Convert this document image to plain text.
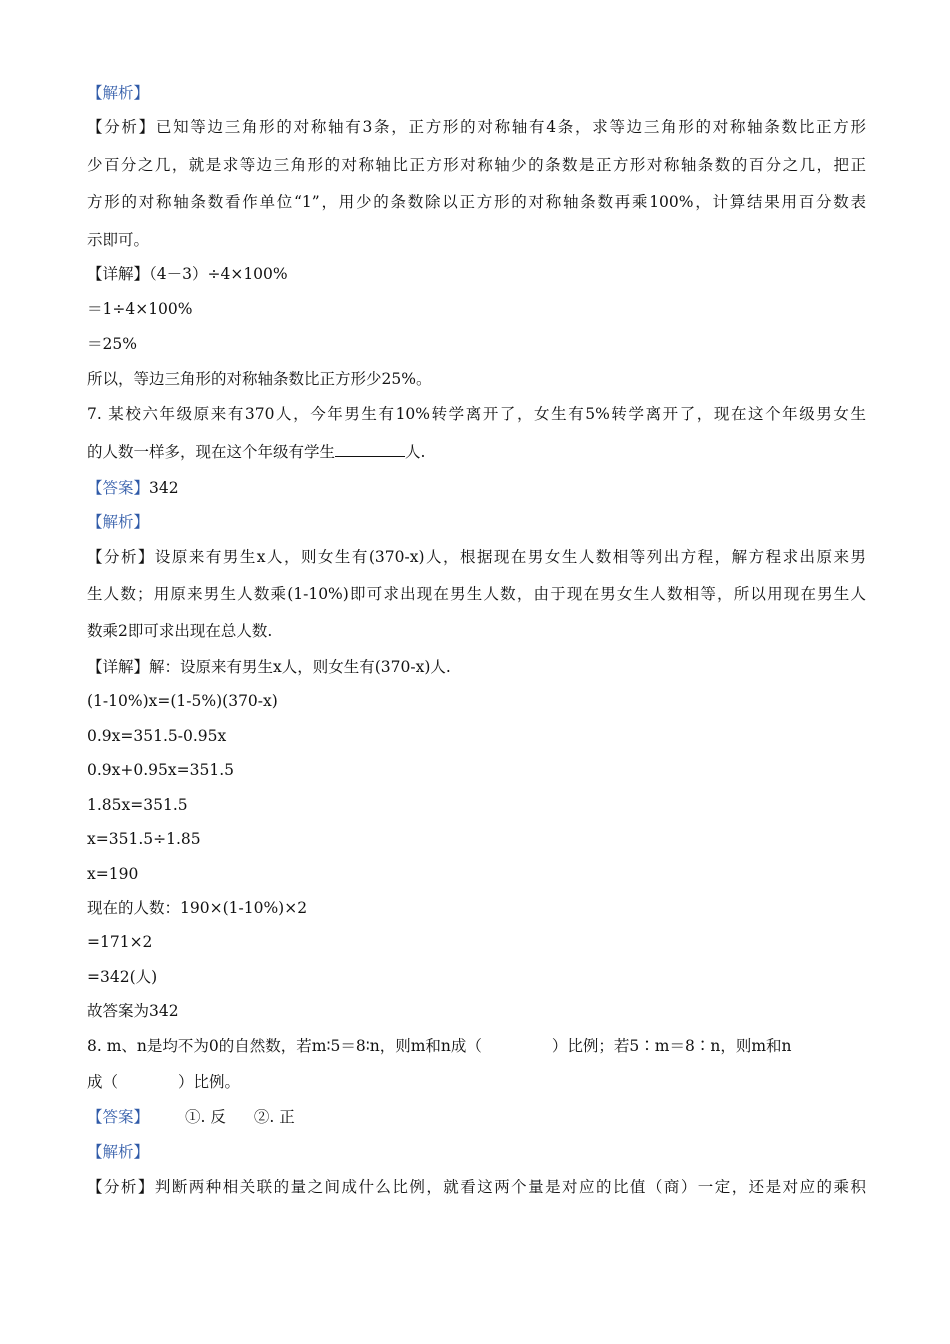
【解析】
【分析】已知等边三角形的对称轴有3条，正方形的对称轴有4条，求等边三角形的对称轴条数比正方形
少百分之几，就是求等边三角形的对称轴比正方形对称轴少的条数是正方形对称轴条数的百分之几，把正
方形的对称轴条数看作单位“1”，用少的条数除以正方形的对称轴条数再乘100%，计算结果用百分数表
示即可。
【详解】（4－3）÷4×100%
＝1÷4×100%
＝25%
所以，等边三角形的对称轴条数比正方形少25%。
7. 某校六年级原来有370人，今年男生有10%转学离开了，女生有5%转学离开了，现在这个年级男女生
的人数一样多，现在这个年级有学生	人.
【答案】342
【解析】
【分析】设原来有男生x人，则女生有(370-x)人，根据现在男女生人数相等列出方程，解方程求出原来男
生人数；用原来男生人数乘(1-10%)即可求出现在男生人数，由于现在男女生人数相等，所以用现在男生人
数乘2即可求出现在总人数.
【详解】解：设原来有男生x人，则女生有(370-x)人.
(1-10%)x=(1-5%)(370-x)
0.9x=351.5-0.95x
0.9x+0.95x=351.5
1.85x=351.5
x=351.5÷1.85
x=190
现在的人数：190×(1-10%)×2
=171×2
=342(人)
故答案为342
8. m、n是均不为0的自然数，若m∶5＝8∶n，则m和n成（	）比例；若5∶m＝8∶n，则m和n
成（	）比例。
【答案】 ①. 反 ②. 正
【解析】
【分析】判断两种相关联的量之间成什么比例，就看这两个量是对应的比值（商）一定，还是对应的乘积
